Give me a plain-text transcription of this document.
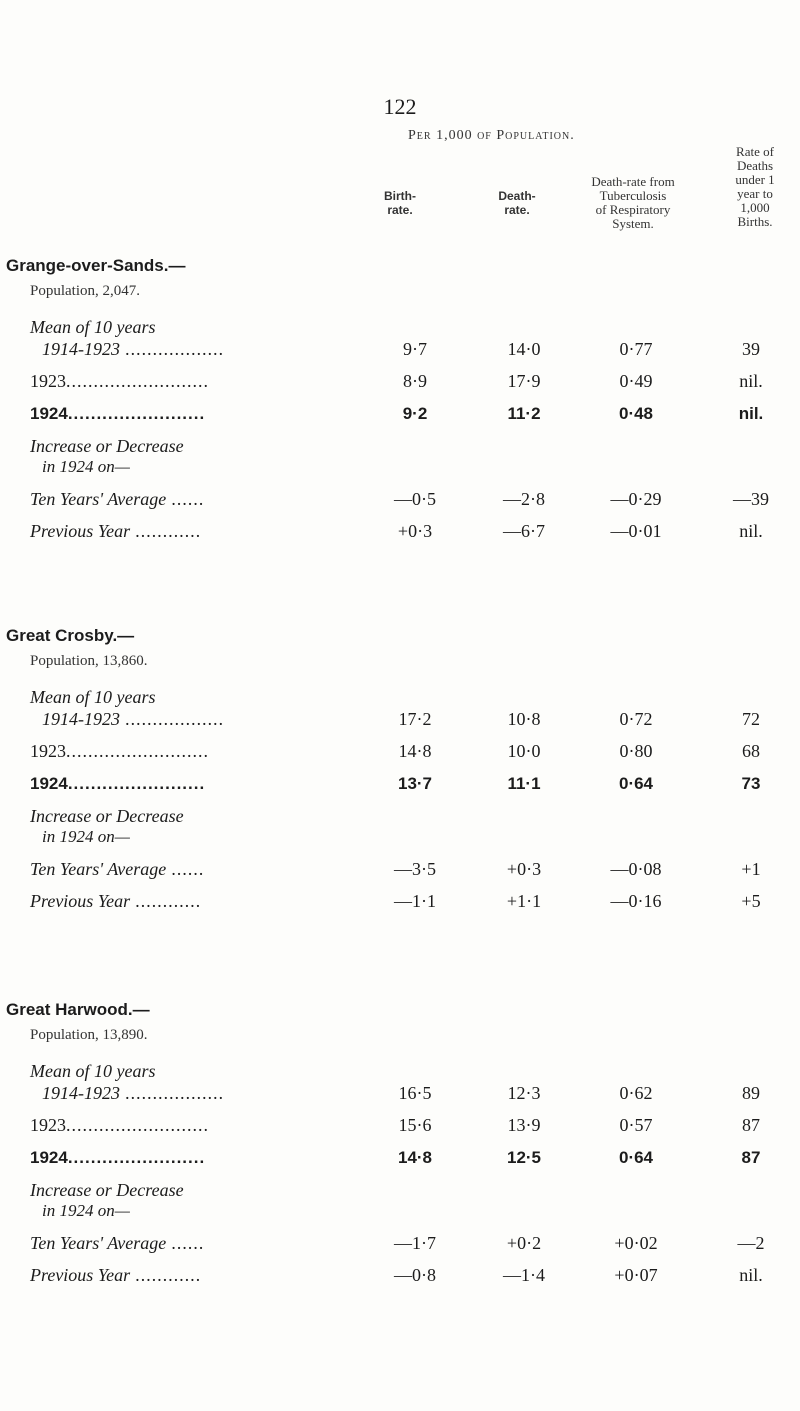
122
Per 1,000 of Population.
Birth-
rate.
Death-
rate.
Death-rate from
Tuberculosis
of Respiratory
System.
Rate of
Deaths
under 1
year to
1,000
Births.
Grange-over-Sands.—
Population, 2,047.
Mean of 10 years
1914-1923 ..................	9·7	14·0	0·77	39
1923..........................	8·9	17·9	0·49	nil.
1924........................	9·2	11·2	0·48	nil.
Increase or Decrease
in 1924 on—
Ten Years' Average ......	—0·5	—2·8	—0·29	—39
Previous Year ............	+0·3	—6·7	—0·01	nil.
Great Crosby.—
Population, 13,860.
Mean of 10 years
1914-1923 ..................	17·2	10·8	0·72	72
1923..........................	14·8	10·0	0·80	68
1924........................	13·7	11·1	0·64	73
Increase or Decrease
in 1924 on—
Ten Years' Average ......	—3·5	+0·3	—0·08	+1
Previous Year ............	—1·1	+1·1	—0·16	+5
Great Harwood.—
Population, 13,890.
Mean of 10 years
1914-1923 ..................	16·5	12·3	0·62	89
1923..........................	15·6	13·9	0·57	87
1924........................	14·8	12·5	0·64	87
Increase or Decrease
in 1924 on—
Ten Years' Average ......	—1·7	+0·2	+0·02	—2
Previous Year ............	—0·8	—1·4	+0·07	nil.
